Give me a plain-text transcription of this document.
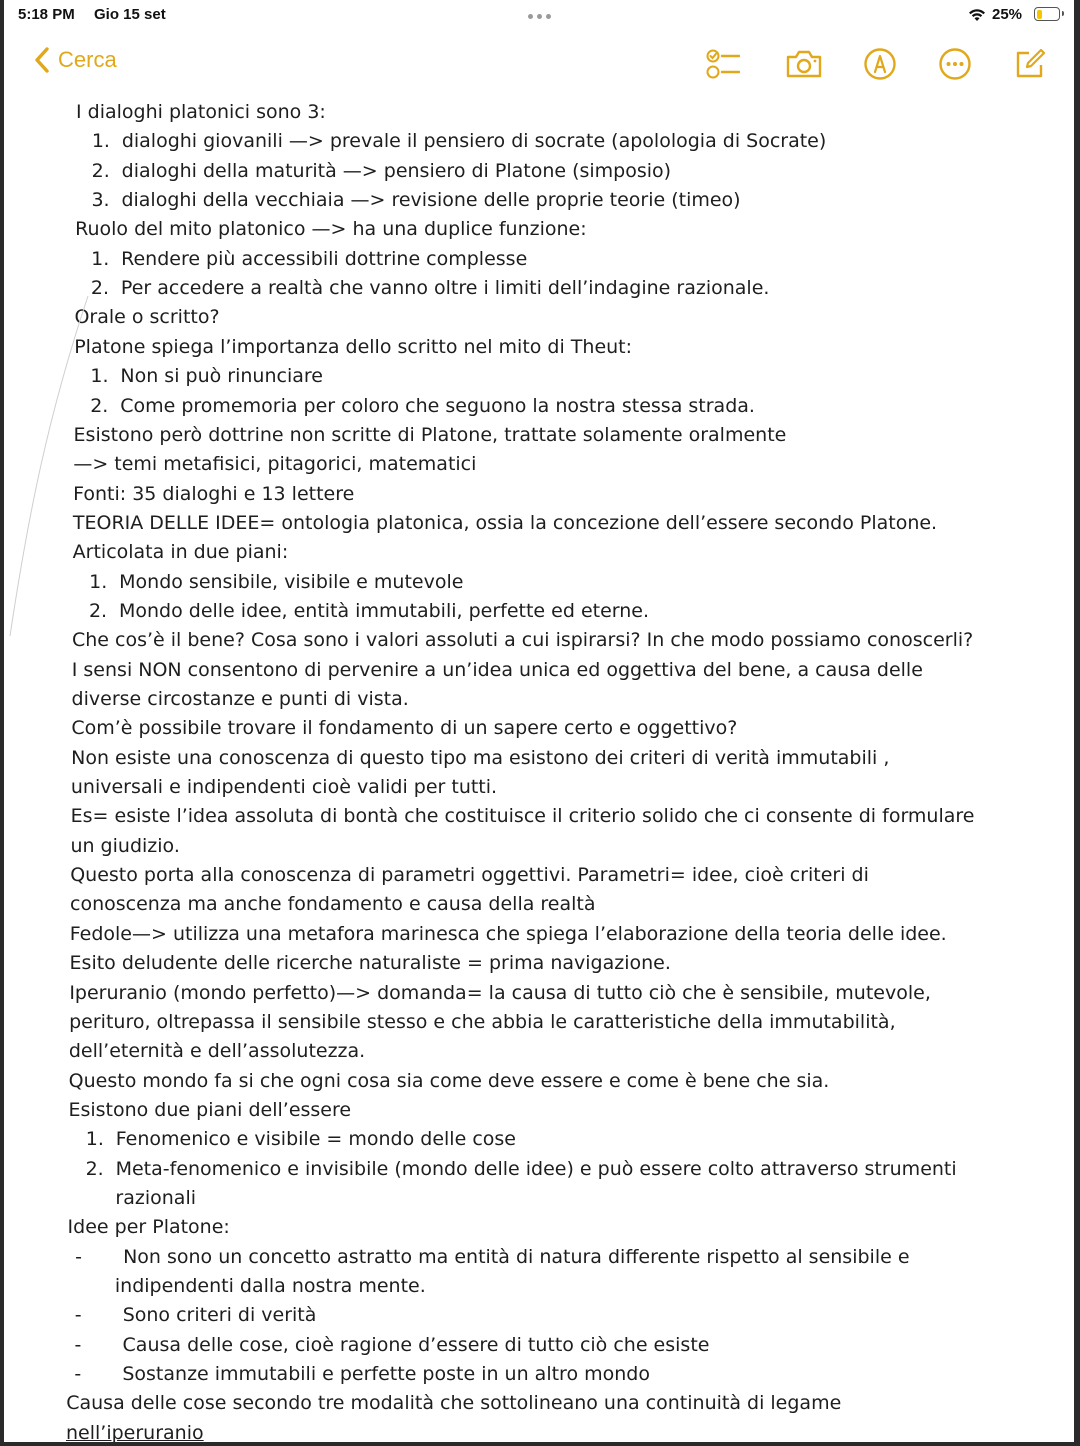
5:18 PM Gio 15 set	25%
Cerca
I dialoghi platonici sono 3:
1. dialoghi giovanili —> prevale il pensiero di socrate (apolologia di Socrate)
2. dialoghi della maturità —> pensiero di Platone (simposio)
3. dialoghi della vecchiaia —> revisione delle proprie teorie (timeo)
Ruolo del mito platonico —> ha una duplice funzione:
1. Rendere più accessibili dottrine complesse
2. Per accedere a realtà che vanno oltre i limiti dell’indagine razionale.
Orale o scritto?
Platone spiega l’importanza dello scritto nel mito di Theut:
1. Non si può rinunciare
2. Come promemoria per coloro che seguono la nostra stessa strada.
Esistono però dottrine non scritte di Platone, trattate solamente oralmente
—> temi metafisici, pitagorici, matematici
Fonti: 35 dialoghi e 13 lettere
TEORIA DELLE IDEE= ontologia platonica, ossia la concezione dell’essere secondo Platone.
Articolata in due piani:
1. Mondo sensibile, visibile e mutevole
2. Mondo delle idee, entità immutabili, perfette ed eterne.
Che cos’è il bene? Cosa sono i valori assoluti a cui ispirarsi? In che modo possiamo conoscerli?
I sensi NON consentono di pervenire a un’idea unica ed oggettiva del bene, a causa delle
diverse circostanze e punti di vista.
Com’è possibile trovare il fondamento di un sapere certo e oggettivo?
Non esiste una conoscenza di questo tipo ma esistono dei criteri di verità immutabili ,
universali e indipendenti cioè validi per tutti.
Es= esiste l’idea assoluta di bontà che costituisce il criterio solido che ci consente di formulare
un giudizio.
Questo porta alla conoscenza di parametri oggettivi. Parametri= idee, cioè criteri di
conoscenza ma anche fondamento e causa della realtà
Fedole—> utilizza una metafora marinesca che spiega l’elaborazione della teoria delle idee.
Esito deludente delle ricerche naturaliste = prima navigazione.
Iperuranio (mondo perfetto)—> domanda= la causa di tutto ciò che è sensibile, mutevole,
perituro, oltrepassa il sensibile stesso e che abbia le caratteristiche della immutabilità,
dell’eternità e dell’assolutezza.
Questo mondo fa si che ogni cosa sia come deve essere e come è bene che sia.
Esistono due piani dell’essere
1. Fenomenico e visibile = mondo delle cose
2. Meta-fenomenico e invisibile (mondo delle idee) e può essere colto attraverso strumenti
razionali
Idee per Platone:
- Non sono un concetto astratto ma entità di natura differente rispetto al sensibile e
indipendenti dalla nostra mente.
- Sono criteri di verità
- Causa delle cose, cioè ragione d’essere di tutto ciò che esiste
- Sostanze immutabili e perfette poste in un altro mondo
Causa delle cose secondo tre modalità che sottolineano una continuità di legame
nell’iperuranio
